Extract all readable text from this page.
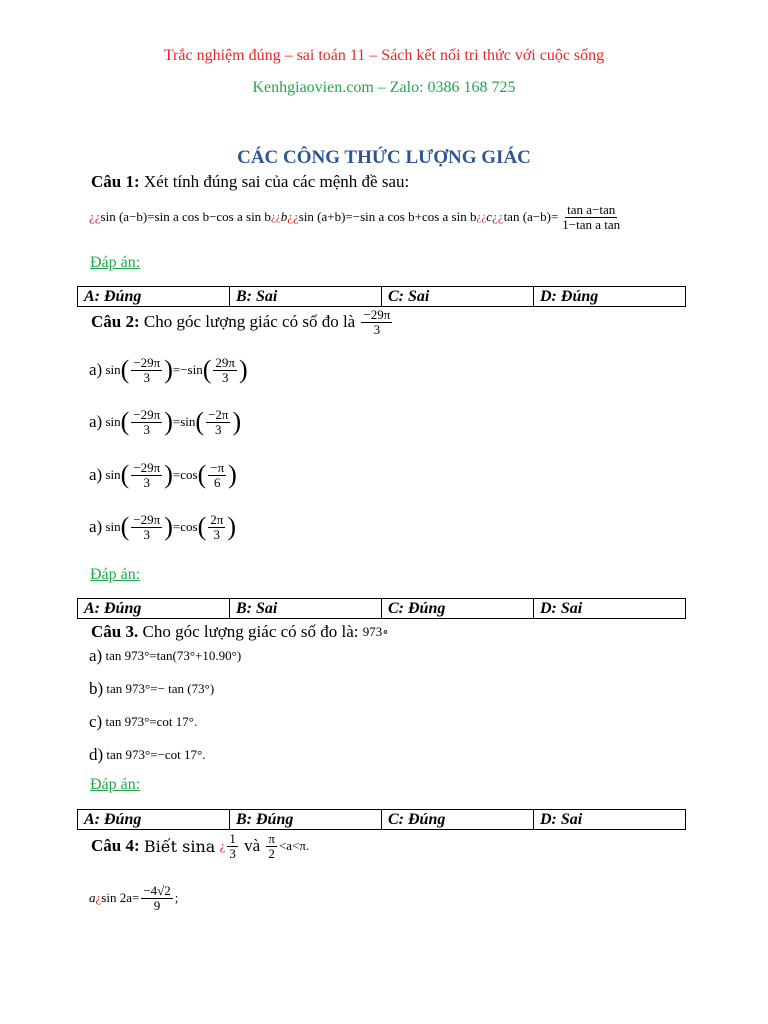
Trắc nghiệm đúng – sai toán 11 – Sách kết nối tri thức với cuộc sống
Kenhgiaovien.com – Zalo: 0386 168 725
CÁC CÔNG THỨC LƯỢNG GIÁC
Câu 1: Xét tính đúng sai của các mệnh đề sau:
¿¿ sin (a−b)=sin a cos b−cos a sin b ¿¿ b ¿¿ sin (a+b)=−sin a cos b+cos a sin b ¿¿ c ¿¿ $\tan (a-b)= \frac{\text{tan a−tan}}{\text{1−tan a tan}}$
Đáp án:
A: Đúng	B: Sai	C: Sai	D: Đúng
Câu 2:
Cho góc lượng giác có số đo là
$\frac{-29\pi}{3}$
a)
sin ( $\frac{-29\pi}{3}$ ) =−sin ( $\frac{29\pi}{3}$ )
a)
sin ( $\frac{-29\pi}{3}$ ) =sin ( $\frac{-2\pi}{3}$ )
a)
sin ( $\frac{-29\pi}{3}$ ) =cos ( $\frac{-\pi}{6}$ )
a)
sin ( $\frac{-29\pi}{3}$ ) =cos ( $\frac{2\pi}{3}$ )
Đáp án:
A: Đúng	B: Sai	C: Đúng	D: Sai
Câu 3.
Cho góc lượng giác có số đo là:
973 ∘
a)
tan 973°=tan(73°+10.90°)
b)
tan 973°=− tan (73°)
c)
tan 973°=cot 17°.
d)
tan 973°=−cot 17°.
Đáp án:
A: Đúng	B: Đúng	C: Đúng	D: Sai
Câu 4:
Biết sina
¿ $\frac{1}{3}$
và
$\frac{\pi}{2} <a<\pi$.
a ¿ $\sin 2a= \frac{-4√2}{9}$ ;
